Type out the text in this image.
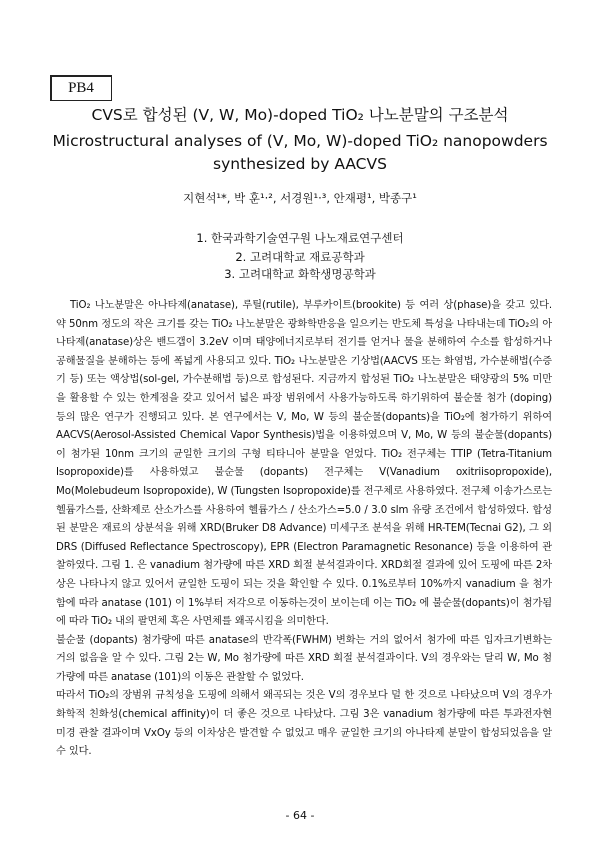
PB4
CVS로 합성된 (V, W, Mo)-doped TiO₂ 나노분말의 구조분석
Microstructural analyses of (V, Mo, W)-doped TiO₂ nanopowders
synthesized by AACVS
지현석¹*, 박 훈¹·², 서경원¹·³, 안재평¹, 박종구¹
1. 한국과학기술연구원 나노재료연구센터
2. 고려대학교 재료공학과
3. 고려대학교 화학생명공학과

TiO₂ 나노분말은 아나타제(anatase), 루틸(rutile), 부루카이트(brookite) 등 여러 상(phase)을 갖고 있다. 약 50nm 정도의 작은 크기를 갖는 TiO₂ 나노분말은 광화학반응을 일으키는 반도체 특성을 나타내는데 TiO₂의 아나타제(anatase)상은 밴드갭이 3.2eV 이며 태양에너지로부터 전기를 얻거나 물을 분해하여 수소를 합성하거나 공해물질을 분해하는 등에 폭넓게 사용되고 있다. TiO₂ 나노분말은 기상법(AACVS 또는 화염법, 가수분해법(수증기 등) 또는 액상법(sol-gel, 가수분해법 등)으로 합성된다. 지금까지 합성된 TiO₂ 나노분말은 태양광의 5% 미만을 활용할 수 있는 한계점을 갖고 있어서 넓은 파장 범위에서 사용가능하도록 하기위하여 불순물 첨가 (doping) 등의 많은 연구가 진행되고 있다. 본 연구에서는 V, Mo, W 등의 불순물(dopants)을 TiO₂에 첨가하기 위하여 AACVS(Aerosol-Assisted Chemical Vapor Synthesis)법을 이용하였으며 V, Mo, W 등의 불순물(dopants)이 첨가된 10nm 크기의 균일한 크기의 구형 티타니아 분말을 얻었다. TiO₂ 전구체는 TTIP (Tetra-Titanium Isopropoxide)를 사용하였고 불순물 (dopants) 전구체는 V(Vanadium oxitriisopropoxide), Mo(Molebudeum Isopropoxide), W (Tungsten Isopropoxide)를 전구체로 사용하였다. 전구체 이송가스로는 헬륨가스를, 산화제로 산소가스를 사용하여 헬륨가스 / 산소가스=5.0 / 3.0 slm 유량 조건에서 합성하였다. 합성된 분말은 재료의 상분석을 위해 XRD(Bruker D8 Advance) 미세구조 분석을 위해 HR-TEM(Tecnai G2), 그 외 DRS (Diffused Reflectance Spectroscopy), EPR (Electron Paramagnetic Resonance) 등을 이용하여 관찰하였다. 그림 1. 은 vanadium 첨가량에 따른 XRD 회절 분석결과이다. XRD회절 결과에 있어 도핑에 따른 2차상은 나타나지 않고 있어서 균일한 도핑이 되는 것을 확인할 수 있다. 0.1%로부터 10%까지 vanadium 을 첨가함에 따라 anatase (101) 이 1%부터 저각으로 이동하는것이 보이는데 이는 TiO₂ 에 불순물(dopants)이 첨가됨에 따라 TiO₂ 내의 팔면체 혹은 사면체를 왜곡시킴을 의미한다.

불순물 (dopants) 첨가량에 따른 anatase의 반각폭(FWHM) 변화는 거의 없어서 첨가에 따른 입자크기변화는 거의 없음을 알 수 있다. 그림 2는 W, Mo 첨가량에 따른 XRD 회절 분석결과이다. V의 경우와는 달리 W, Mo 첨가량에 따른 anatase (101)의 이동은 관찰할 수 없었다.

따라서 TiO₂의 장범위 규칙성을 도핑에 의해서 왜곡되는 것은 V의 경우보다 덜 한 것으로 나타났으며 V의 경우가 화학적 친화성(chemical affinity)이 더 좋은 것으로 나타났다. 그림 3은 vanadium 첨가량에 따른 투과전자현미경 관찰 결과이며 VxOy 등의 이차상은 발견할 수 없었고 매우 균일한 크기의 아나타제 분말이 합성되었음을 알 수 있다.

- 64 -
